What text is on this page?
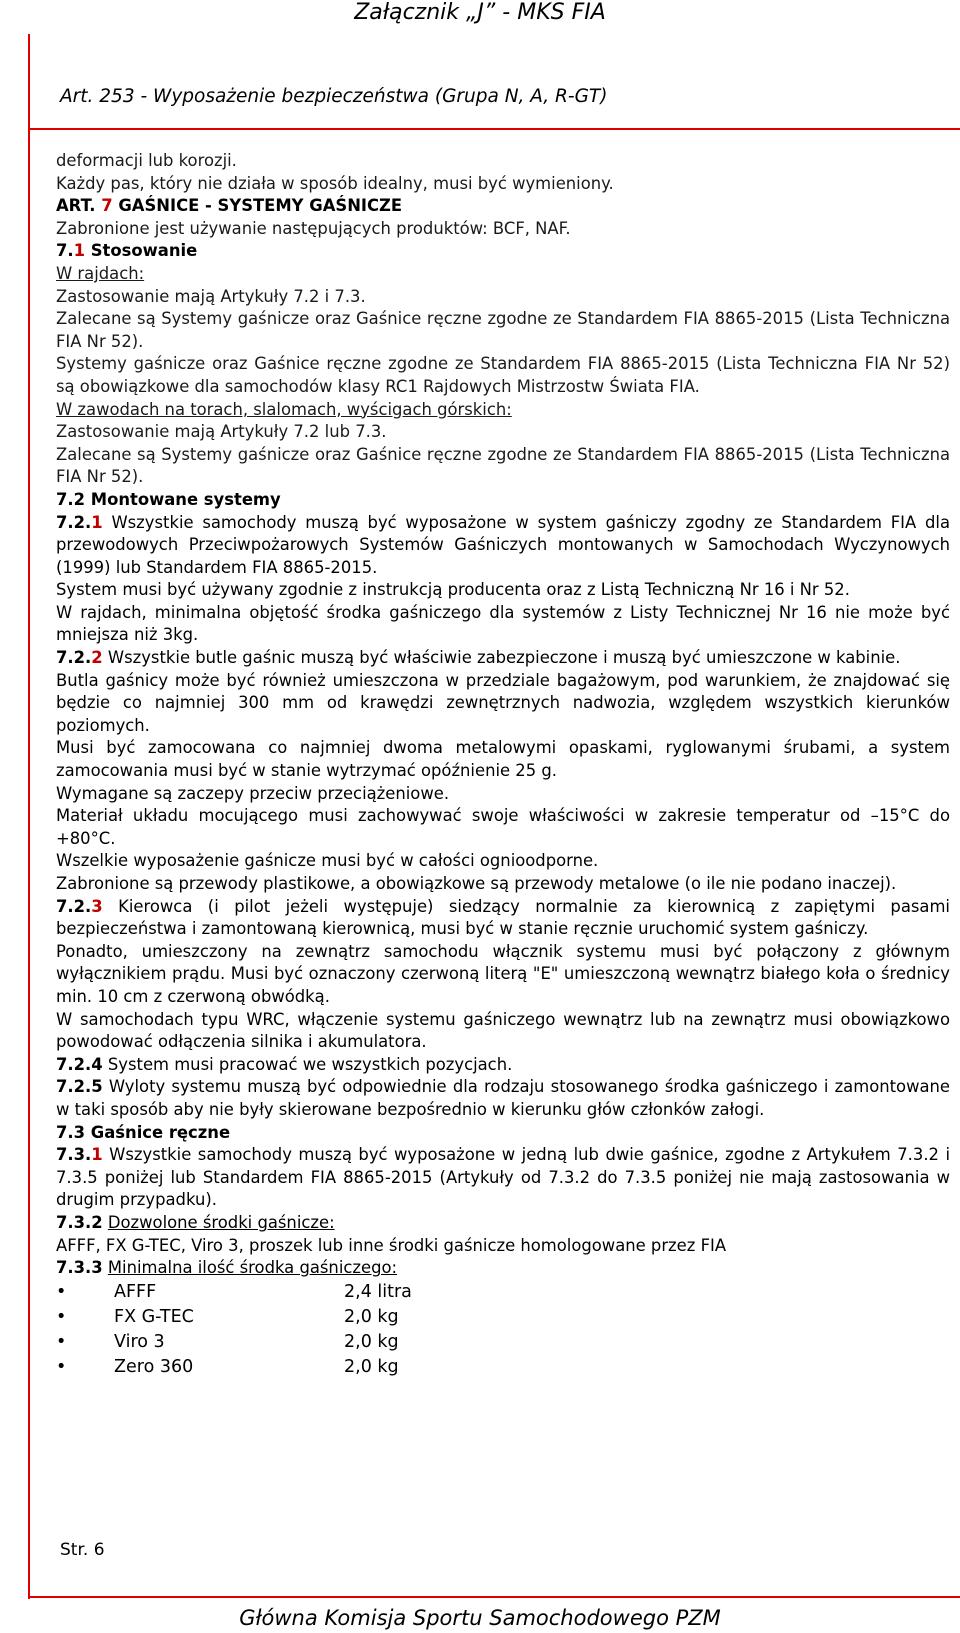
Załącznik „J” - MKS FIA
Art. 253 - Wyposażenie bezpieczeństwa (Grupa N, A, R-GT)

deformacji lub korozji.

Każdy pas, który nie działa w sposób idealny, musi być wymieniony.

ART. 7 GAŚNICE - SYSTEMY GAŚNICZE

Zabronione jest używanie następujących produktów: BCF, NAF.

7.1 Stosowanie

W rajdach:

Zastosowanie mają Artykuły 7.2 i 7.3.

Zalecane są Systemy gaśnicze oraz Gaśnice ręczne zgodne ze Standardem FIA 8865-2015 (Lista Techniczna FIA Nr 52).

Systemy gaśnicze oraz Gaśnice ręczne zgodne ze Standardem FIA 8865-2015 (Lista Techniczna FIA Nr 52) są obowiązkowe dla samochodów klasy RC1 Rajdowych Mistrzostw Świata FIA.

W zawodach na torach, slalomach, wyścigach górskich:

Zastosowanie mają Artykuły 7.2 lub 7.3.

Zalecane są Systemy gaśnicze oraz Gaśnice ręczne zgodne ze Standardem FIA 8865-2015 (Lista Techniczna FIA Nr 52).

7.2 Montowane systemy

7.2.1 Wszystkie samochody muszą być wyposażone w system gaśniczy zgodny ze Standardem FIA dla przewodowych Przeciwpożarowych Systemów Gaśniczych montowanych w Samochodach Wyczynowych (1999) lub Standardem FIA 8865-2015.

System musi być używany zgodnie z instrukcją producenta oraz z Listą Techniczną Nr 16 i Nr 52.

W rajdach, minimalna objętość środka gaśniczego dla systemów z Listy Technicznej Nr 16 nie może być mniejsza niż 3kg.

7.2.2 Wszystkie butle gaśnic muszą być właściwie zabezpieczone i muszą być umieszczone w kabinie.

Butla gaśnicy może być również umieszczona w przedziale bagażowym, pod warunkiem, że znajdować się będzie co najmniej 300 mm od krawędzi zewnętrznych nadwozia, względem wszystkich kierunków poziomych.

Musi być zamocowana co najmniej dwoma metalowymi opaskami, ryglowanymi śrubami, a system zamocowania musi być w stanie wytrzymać opóźnienie 25 g.

Wymagane są zaczepy przeciw przeciążeniowe.

Materiał układu mocującego musi zachowywać swoje właściwości w zakresie temperatur od –15°C do +80°C.

Wszelkie wyposażenie gaśnicze musi być w całości ognioodporne.

Zabronione są przewody plastikowe, a obowiązkowe są przewody metalowe (o ile nie podano inaczej).

7.2.3 Kierowca (i pilot jeżeli występuje) siedzący normalnie za kierownicą z zapiętymi pasami bezpieczeństwa i zamontowaną kierownicą, musi być w stanie ręcznie uruchomić system gaśniczy.

Ponadto, umieszczony na zewnątrz samochodu włącznik systemu musi być połączony z głównym wyłącznikiem prądu. Musi być oznaczony czerwoną literą "E" umieszczoną wewnątrz białego koła o średnicy min. 10 cm z czerwoną obwódką.

W samochodach typu WRC, włączenie systemu gaśniczego wewnątrz lub na zewnątrz musi obowiązkowo powodować odłączenia silnika i akumulatora.

7.2.4 System musi pracować we wszystkich pozycjach.

7.2.5 Wyloty systemu muszą być odpowiednie dla rodzaju stosowanego środka gaśniczego i zamontowane w taki sposób aby nie były skierowane bezpośrednio w kierunku głów członków załogi.

7.3 Gaśnice ręczne

7.3.1 Wszystkie samochody muszą być wyposażone w jedną lub dwie gaśnice, zgodne z Artykułem 7.3.2 i 7.3.5 poniżej lub Standardem FIA 8865-2015 (Artykuły od 7.3.2 do 7.3.5 poniżej nie mają zastosowania w drugim przypadku).

7.3.2 Dozwolone środki gaśnicze:

AFFF, FX G-TEC, Viro 3, proszek lub inne środki gaśnicze homologowane przez FIA

7.3.3 Minimalna ilość środka gaśniczego:

•	AFFF	2,4 litra
•	FX G-TEC	2,0 kg
•	Viro 3	2,0 kg
•	Zero 360	2,0 kg
Str. 6
Główna Komisja Sportu Samochodowego PZM
